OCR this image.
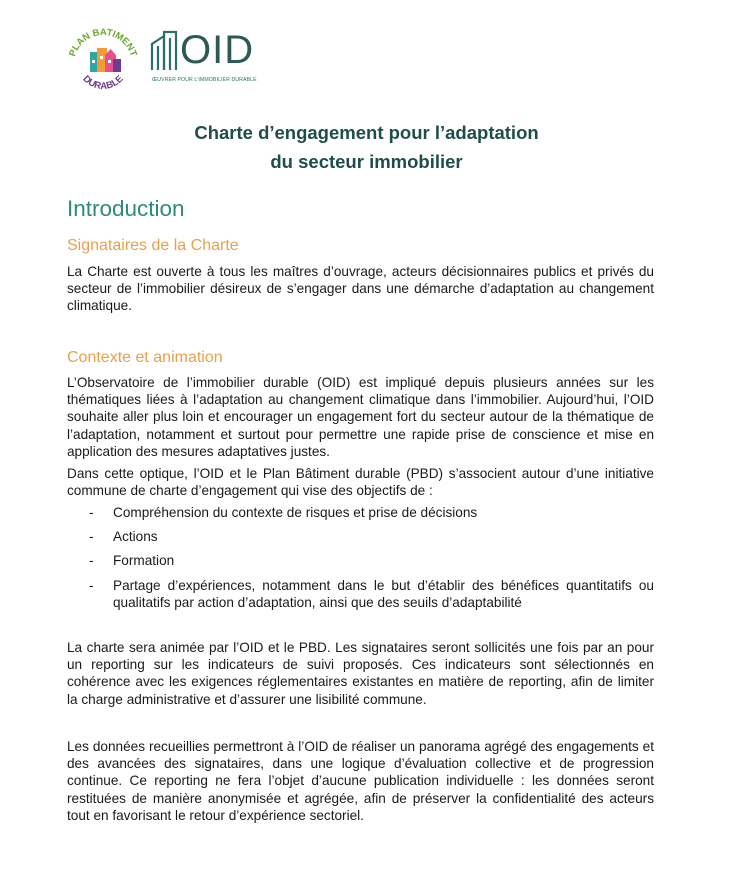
PLAN BATIMENT
DURABLE
OID
ŒUVRER POUR L’IMMOBILIER DURABLE
Charte d’engagement pour l’adaptation
du secteur immobilier
Introduction
Signataires de la Charte
La Charte est ouverte à tous les maîtres d’ouvrage, acteurs décisionnaires publics et privés du secteur de l’immobilier désireux de s’engager dans une démarche d’adaptation au changement climatique.
Contexte et animation
L’Observatoire de l’immobilier durable (OID) est impliqué depuis plusieurs années sur les thématiques liées à l’adaptation au changement climatique dans l’immobilier. Aujourd’hui, l’OID souhaite aller plus loin et encourager un engagement fort du secteur autour de la thématique de l’adaptation, notamment et surtout pour permettre une rapide prise de conscience et mise en application des mesures adaptatives justes.
Dans cette optique, l’OID et le Plan Bâtiment durable (PBD) s’associent autour d’une initiative commune de charte d’engagement qui vise des objectifs de :
- Compréhension du contexte de risques et prise de décisions
- Actions
- Formation
- Partage d’expériences, notamment dans le but d’établir des bénéfices quantitatifs ou qualitatifs par action d’adaptation, ainsi que des seuils d’adaptabilité
La charte sera animée par l’OID et le PBD. Les signataires seront sollicités une fois par an pour un reporting sur les indicateurs de suivi proposés. Ces indicateurs sont sélectionnés en cohérence avec les exigences réglementaires existantes en matière de reporting, afin de limiter la charge administrative et d’assurer une lisibilité commune.
Les données recueillies permettront à l’OID de réaliser un panorama agrégé des engagements et des avancées des signataires, dans une logique d’évaluation collective et de progression continue. Ce reporting ne fera l’objet d’aucune publication individuelle : les données seront restituées de manière anonymisée et agrégée, afin de préserver la confidentialité des acteurs tout en favorisant le retour d’expérience sectoriel.
